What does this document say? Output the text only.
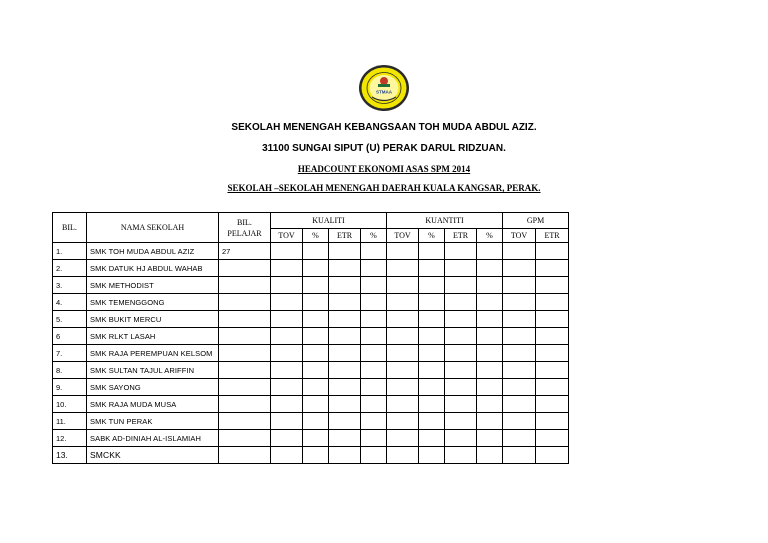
STMAA
SEKOLAH MENENGAH KEBANGSAAN TOH MUDA ABDUL AZIZ.
31100 SUNGAI SIPUT (U) PERAK DARUL RIDZUAN.
HEADCOUNT EKONOMI ASAS SPM 2014
SEKOLAH –SEKOLAH MENENGAH DAERAH KUALA KANGSAR, PERAK.
BIL.	NAMA SEKOLAH	BIL. PELAJAR	KUALITI				KUANTITI				GPM	
			TOV	%	ETR	%	TOV	%	ETR	%	TOV	ETR
1.	SMK TOH MUDA ABDUL AZIZ	27										
2.	SMK DATUK HJ ABDUL WAHAB											
3.	SMK METHODIST											
4.	SMK TEMENGGONG											
5.	SMK BUKIT MERCU											
6	SMK RLKT LASAH											
7.	SMK RAJA PEREMPUAN KELSOM											
8.	SMK SULTAN TAJUL ARIFFIN											
9.	SMK SAYONG											
10.	SMK RAJA MUDA MUSA											
11.	SMK TUN PERAK											
12.	SABK AD-DINIAH AL-ISLAMIAH											
13.	SMCKK											
